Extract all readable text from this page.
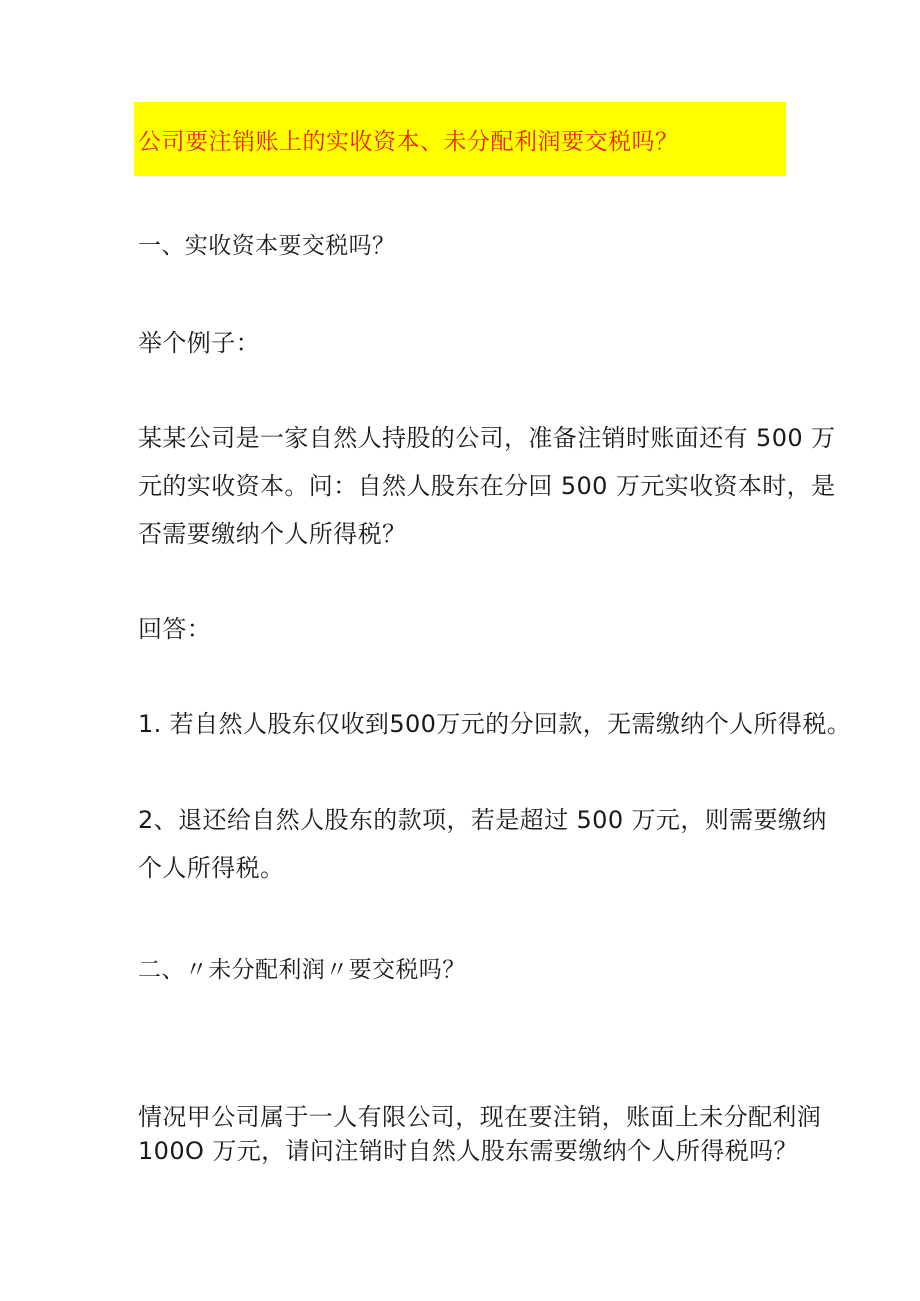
公司要注销账上的实收资本、未分配利润要交税吗？
一、实收资本要交税吗？
举个例子：
某某公司是一家自然人持股的公司，准备注销时账面还有 500 万
元的实收资本。问：自然人股东在分回 500 万元实收资本时，是
否需要缴纳个人所得税？
回答：
1. 若自然人股东仅收到500万元的分回款，无需缴纳个人所得税。
2、退还给自然人股东的款项，若是超过 500 万元，则需要缴纳
个人所得税。
二、〃未分配利润〃要交税吗？
情况甲公司属于一人有限公司，现在要注销，账面上未分配利润
100O 万元，请问注销时自然人股东需要缴纳个人所得税吗？
